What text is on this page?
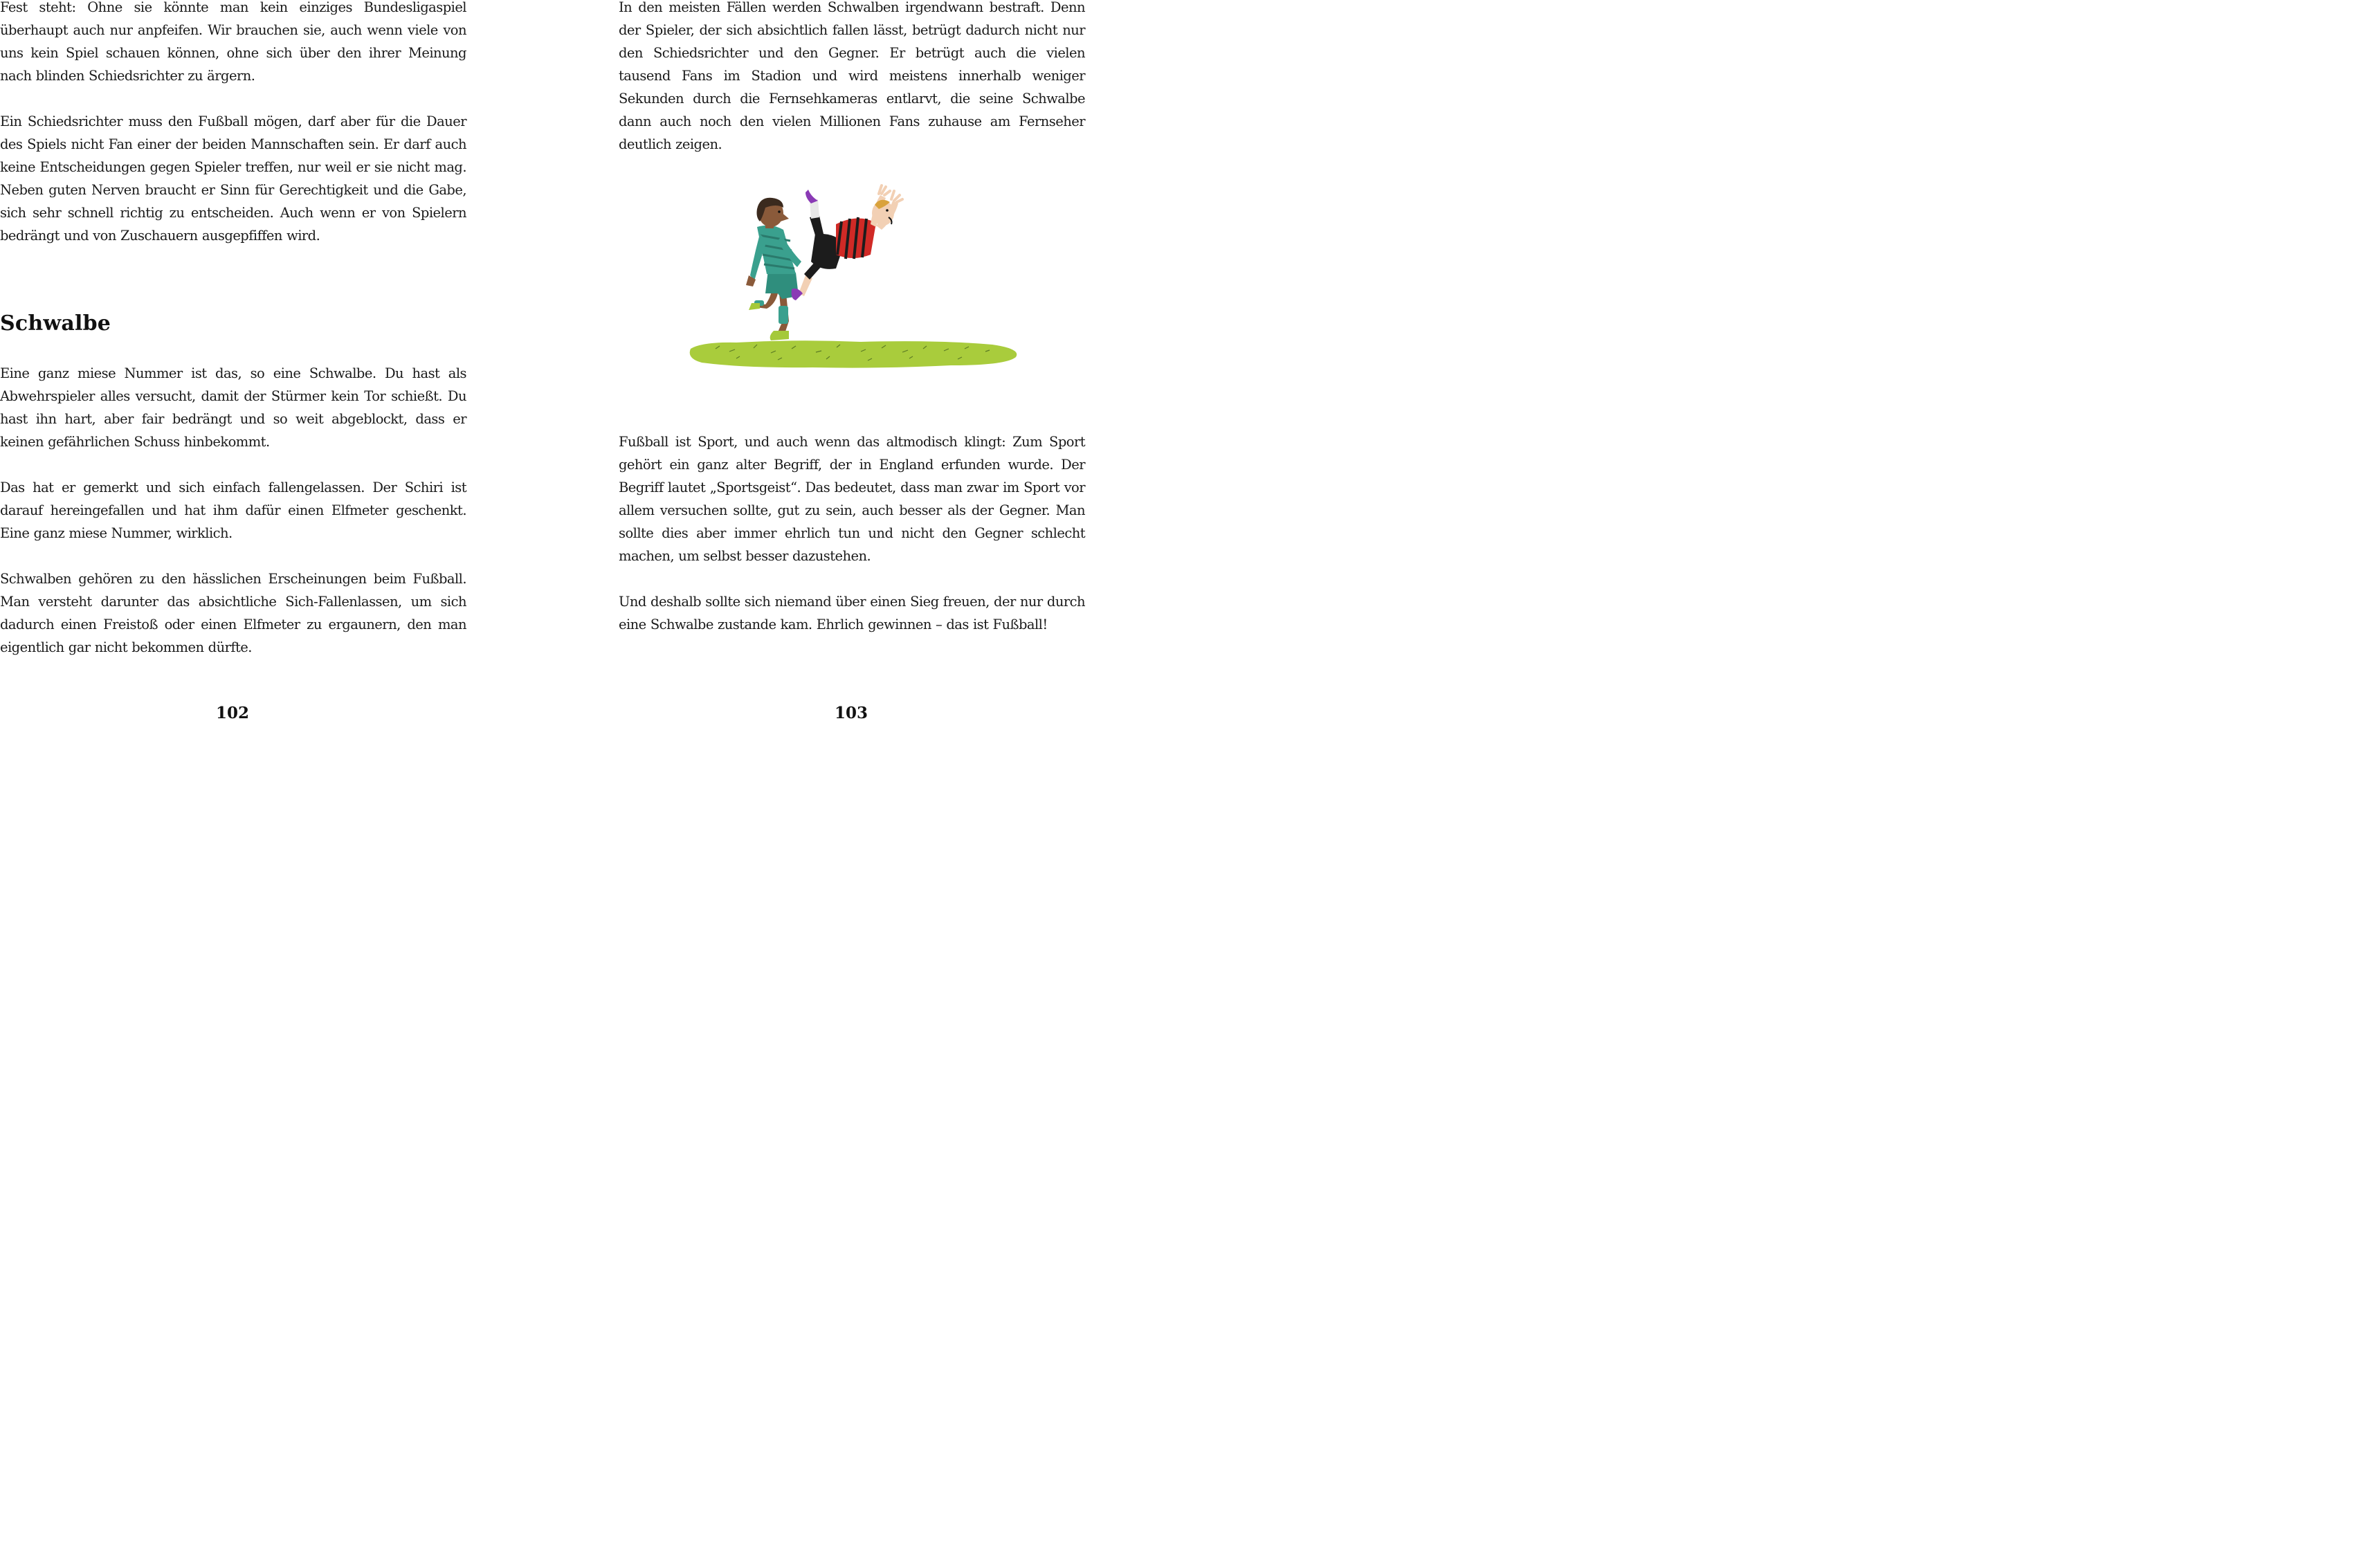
Fest steht: Ohne sie könnte man kein einziges Bundesligaspiel überhaupt auch nur anpfeifen. Wir brauchen sie, auch wenn viele von uns kein Spiel schauen können, ohne sich über den ihrer Meinung nach blinden Schiedsrichter zu ärgern.

Ein Schiedsrichter muss den Fußball mögen, darf aber für die Dauer des Spiels nicht Fan einer der beiden Mannschaften sein. Er darf auch keine Entscheidungen gegen Spieler treffen, nur weil er sie nicht mag. Neben guten Nerven braucht er Sinn für Gerechtigkeit und die Gabe, sich sehr schnell richtig zu entscheiden. Auch wenn er von Spielern bedrängt und von Zuschauern ausgepfiffen wird.

Schwalbe

Eine ganz miese Nummer ist das, so eine Schwalbe. Du hast als Abwehrspieler alles versucht, damit der Stürmer kein Tor schießt. Du hast ihn hart, aber fair bedrängt und so weit abgeblockt, dass er keinen gefährlichen Schuss hinbekommt.

Das hat er gemerkt und sich einfach fallengelassen. Der Schiri ist darauf hereingefallen und hat ihm dafür einen Elfmeter geschenkt. Eine ganz miese Nummer, wirklich.

Schwalben gehören zu den hässlichen Erscheinungen beim Fußball. Man versteht darunter das absichtliche Sich-Fallenlassen, um sich dadurch einen Freistoß oder einen Elfmeter zu ergaunern, den man eigentlich gar nicht bekommen dürfte.

102

In den meisten Fällen werden Schwalben irgendwann bestraft. Denn der Spieler, der sich absichtlich fallen lässt, betrügt dadurch nicht nur den Schiedsrichter und den Gegner. Er betrügt auch die vielen tausend Fans im Stadion und wird meistens innerhalb weniger Sekunden durch die Fernsehkameras entlarvt, die seine Schwalbe dann auch noch den vielen Millionen Fans zuhause am Fernseher deutlich zeigen.

Fußball ist Sport, und auch wenn das altmodisch klingt: Zum Sport gehört ein ganz alter Begriff, der in England erfunden wurde. Der Begriff lautet „Sportsgeist“. Das bedeutet, dass man zwar im Sport vor allem versuchen sollte, gut zu sein, auch besser als der Gegner. Man sollte dies aber immer ehrlich tun und nicht den Gegner schlecht machen, um selbst besser dazustehen.

Und deshalb sollte sich niemand über einen Sieg freuen, der nur durch eine Schwalbe zustande kam. Ehrlich gewinnen – das ist Fußball!

103
